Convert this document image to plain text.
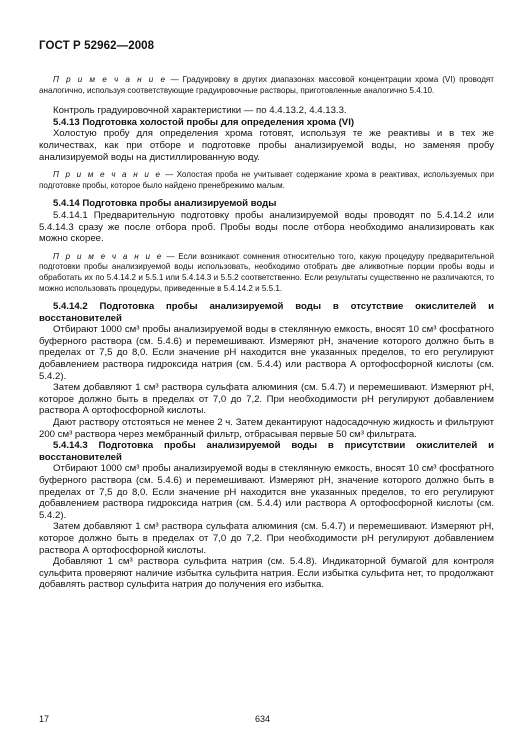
ГОСТ Р 52962—2008

П р и м е ч а н и е — Градуировку в других диапазонах массовой концентрации хрома (VI) проводят аналогично, используя соответствующие градуировочные растворы, приготовленные аналогично 5.4.10.

Контроль градуировочной характеристики — по 4.4.13.2, 4.4.13.3.

5.4.13 Подготовка холостой пробы для определения хрома (VI)

Холостую пробу для определения хрома готовят, используя те же реактивы и в тех же количествах, как при отборе и подготовке пробы анализируемой воды, но заменяя пробу анализируемой воды на дистиллированную воду.

П р и м е ч а н и е — Холостая проба не учитывает содержание хрома в реактивах, используемых при подготовке пробы, которое было найдено пренебрежимо малым.

5.4.14 Подготовка пробы анализируемой воды

5.4.14.1 Предварительную подготовку пробы анализируемой воды проводят по 5.4.14.2 или 5.4.14.3 сразу же после отбора проб. Пробы воды после отбора необходимо анализировать как можно скорее.

П р и м е ч а н и е — Если возникают сомнения относительно того, какую процедуру предварительной подготовки пробы анализируемой воды использовать, необходимо отобрать две аликвотные порции пробы воды и обработать их по 5.4.14.2 и 5.5.1 или 5.4.14.3 и 5.5.2 соответственно. Если результаты существенно не различаются, то можно использовать процедуры, приведенные в 5.4.14.2 и 5.5.1.

5.4.14.2 Подготовка пробы анализируемой воды в отсутствие окислителей и восстановителей

Отбирают 1000 см³ пробы анализируемой воды в стеклянную емкость, вносят 10 см³ фосфатного буферного раствора (см. 5.4.6) и перемешивают. Измеряют pH, значение которого должно быть в пределах от 7,5 до 8,0. Если значение pH находится вне указанных пределов, то его регулируют добавлением раствора гидроксида натрия (см. 5.4.4) или раствора А ортофосфорной кислоты (см. 5.4.2).

Затем добавляют 1 см³ раствора сульфата алюминия (см. 5.4.7) и перемешивают. Измеряют pH, которое должно быть в пределах от 7,0 до 7,2. При необходимости pH регулируют добавлением раствора А ортофосфорной кислоты.

Дают раствору отстояться не менее 2 ч. Затем декантируют надосадочную жидкость и фильтруют 200 см³ раствора через мембранный фильтр, отбрасывая первые 50 см³ фильтрата.

5.4.14.3 Подготовка пробы анализируемой воды в присутствии окислителей и восстановителей

Отбирают 1000 см³ пробы анализируемой воды в стеклянную емкость, вносят 10 см³ фосфатного буферного раствора (см. 5.4.6) и перемешивают. Измеряют pH, значение которого должно быть в пределах от 7,5 до 8,0. Если значение pH находится вне указанных пределов, то его регулируют добавлением раствора гидроксида натрия (см. 5.4.4) или раствора А ортофосфорной кислоты (см. 5.4.2).

Затем добавляют 1 см³ раствора сульфата алюминия (см. 5.4.7) и перемешивают. Измеряют pH, которое должно быть в пределах от 7,0 до 7,2. При необходимости pH регулируют добавлением раствора А ортофосфорной кислоты.

Добавляют 1 см³ раствора сульфита натрия (см. 5.4.8). Индикаторной бумагой для контроля сульфита проверяют наличие избытка сульфита натрия. Если избытка сульфита нет, то продолжают добавлять раствор сульфита натрия до получения его избытка.

17	634
